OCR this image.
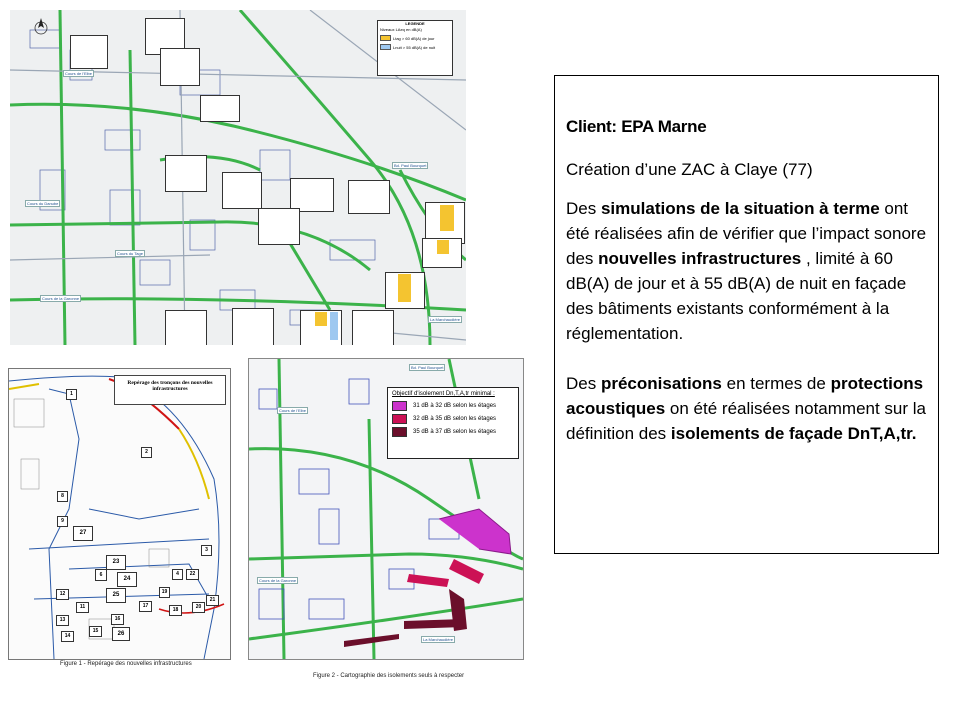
Cours de l'Elbe
Cours du Danube
Cours du Tage
Cours de la Garonne
Bd. Paul Bourquet
La Marchaudière
LEGENDE
Niveaux LAeq en dB(A)
Ltag > 60 dB(A) de jour
Lnuit > 55 dB(A) de nuit
Repérage des tronçons des nouvelles
infrastructures
1
2
3
4
8
9
27
23
6
24
25	19
22
12
11
13
17
18	20
21
16
15
14	26
Figure 1 - Repérage des nouvelles infrastructures
Cours de l'Elbe
Cours de la Garonne
La Marchaudière
Bd. Paul Bourquet
Objectif d'isolement Dn,T,A,tr minimal :
31 dB à 32 dB selon les étages
32 dB à 35 dB selon les étages
35 dB à 37 dB selon les étages
Figure 2 - Cartographie des isolements seuls à respecter
Client: EPA Marne
Création d’une ZAC à Claye (77)
Des simulations de la situation à terme ont été réalisées afin de vérifier que l’impact sonore des nouvelles infrastructures , limité à 60 dB(A) de jour et à 55 dB(A) de nuit en façade des bâtiments existants conformément à la réglementation.
Des préconisations en termes de protections acoustiques on été réalisées notamment sur la définition des isolements de façade DnT,A,tr.
